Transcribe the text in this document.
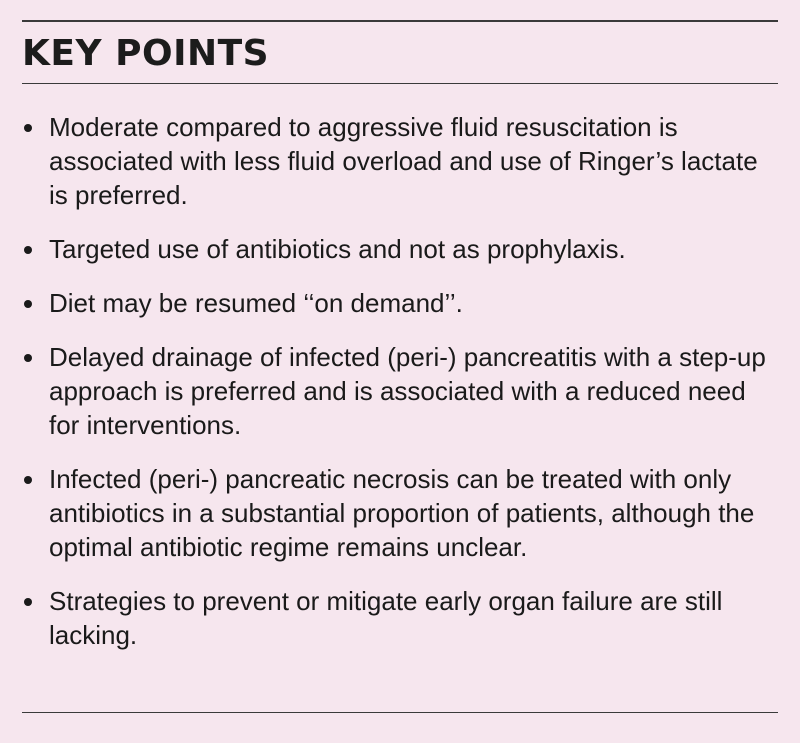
KEY POINTS
Moderate compared to aggressive fluid resuscitation is associated with less fluid overload and use of Ringer’s lactate is preferred.
Targeted use of antibiotics and not as prophylaxis.
Diet may be resumed ‘‘on demand’’.
Delayed drainage of infected (peri-) pancreatitis with a step-up approach is preferred and is associated with a reduced need for interventions.
Infected (peri-) pancreatic necrosis can be treated with only antibiotics in a substantial proportion of patients, although the optimal antibiotic regime remains unclear.
Strategies to prevent or mitigate early organ failure are still lacking.
